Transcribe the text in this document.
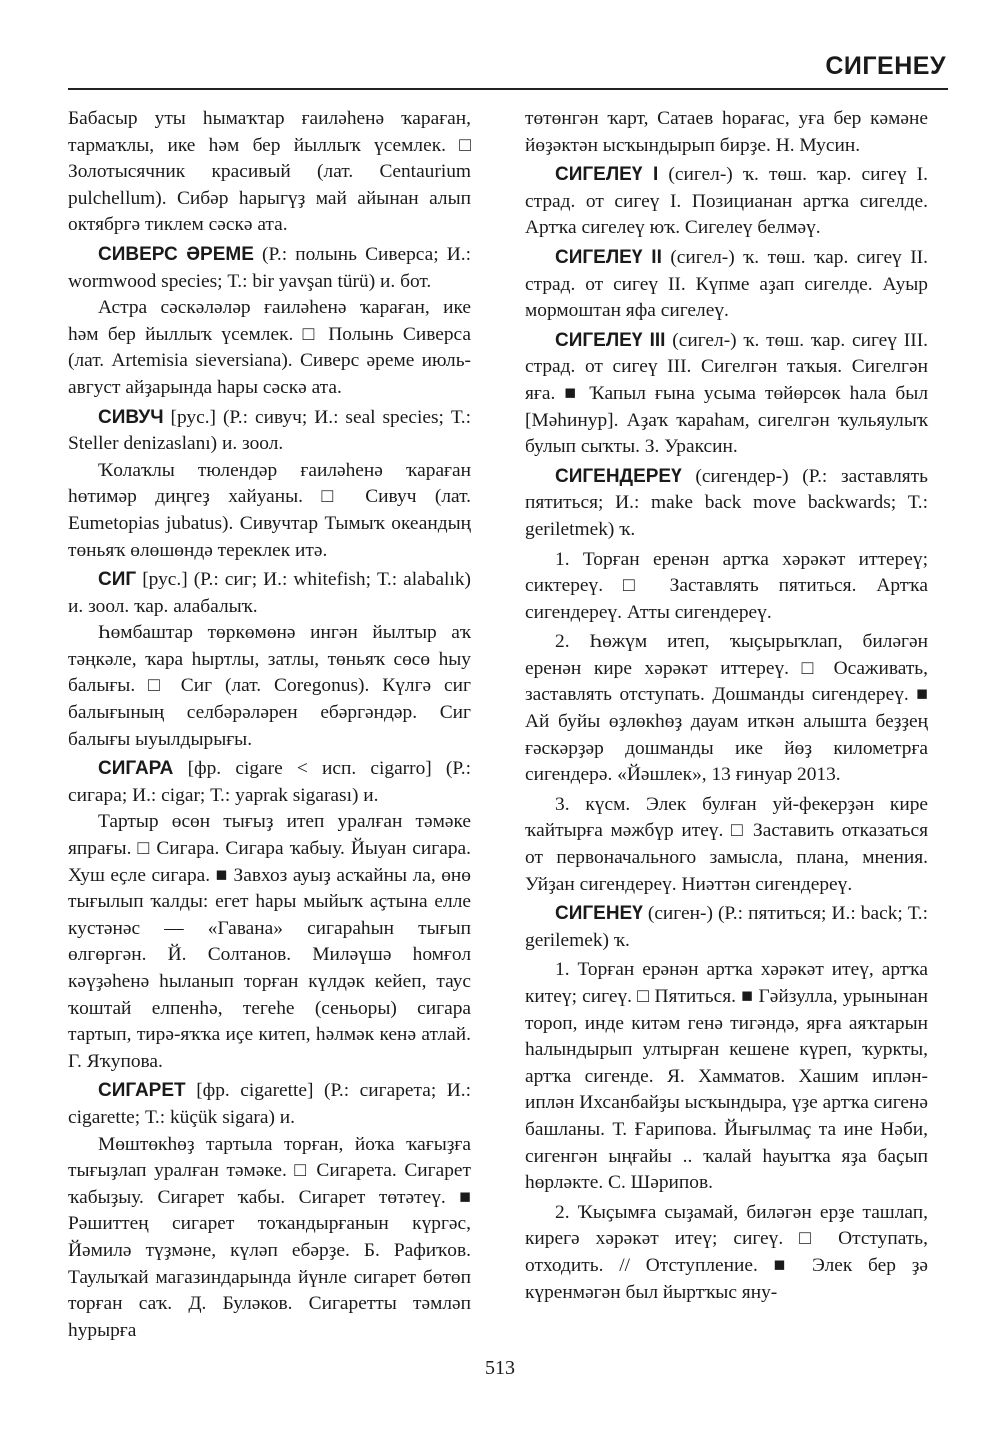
СИГЕНЕУ

Бабасыр уты һымаҡтар ғаиләһенә ҡараған, тармаҡлы, ике һәм бер йыллыҡ үсемлек. □ Золотысячник красивый (лат. Centaurium pulchellum). Сибәр һарыгүҙ май айынан алып октябргә тиклем сәскә ата.

СИВЕРС ӘРЕМЕ (Р.: полынь Сиверса; И.: wormwood species; Т.: bir yavşan türü) и. бот.

Астра сәскәләләр ғаиләһенә ҡараған, ике һәм бер йыллыҡ үсемлек. □ Полынь Сиверса (лат. Artemisia sieversiana). Сиверс әреме июль-август айҙарында һары сәскә ата.

СИВУЧ [рус.] (Р.: сивуч; И.: seal species; Т.: Steller denizaslanı) и. зоол.

Ҡолаҡлы тюлендәр ғаиләһенә ҡараған һөтимәр диңгеҙ хайуаны. □ Сивуч (лат. Eumetopias jubatus). Сивучтар Тымыҡ океандың төньяҡ өлөшөндә тереклек итә.

СИГ [рус.] (Р.: сиг; И.: whitefish; Т.: alabalık) и. зоол. ҡар. алабалыҡ.

Һөмбаштар төркөмөнә ингән йылтыр аҡ тәңкәле, ҡара һыртлы, затлы, төньяҡ сөсө һыу балығы. □ Сиг (лат. Coregonus). Күлгә сиг балығының селбәрәләрен ебәргәндәр. Сиг балығы ыуылдырығы.

СИГАРА [фр. cigare < исп. cigarro] (Р.: сигара; И.: cigar; Т.: yaprak sigarası) и.

Тартыр өсөн тығыҙ итеп уралған тәмәке япрағы. □ Сигара. Сигара ҡабыу. Йыуан сигара. Хуш еҫле сигара. ■ Завхоз ауыҙ асҡайны ла, өнө тығылып ҡалды: егет һары мыйыҡ аҫтына елле кустәнәс — «Гавана» сигараһын тығып өлгөргән. Й. Солтанов. Миләүшә һомғол кәүҙәһенә һыланып торған күлдәк кейеп, таус ҡоштай елпенһә, тегеһе (сеньоры) сигара тартып, тирә-яҡҡа иҫе китеп, һәлмәк кенә атлай. Г. Яҡупова.

СИГАРЕТ [фр. cigarette] (Р.: сигарета; И.: cigarette; Т.: küçük sigara) и.

Мөштөкһөҙ тартыла торған, йоҡа ҡағыҙға тығыҙлап уралған тәмәке. □ Сигарета. Сигарет ҡабыҙыу. Сигарет ҡабы. Сигарет төтәтеү. ■ Рәшиттең сигарет тоҡандырғанын күргәс, Йәмилә түҙмәне, күләп ебәрҙе. Б. Рафиҡов. Таулыҡай магазиндарында йүнле сигарет бөтөп торған саҡ. Д. Буләков. Сигаретты тәмләп һурырға

төтөнгән ҡарт, Сатаев һорағас, уға бер кәмәне йөҙәктән ысҡындырып бирҙе. Н. Мусин.

СИГЕЛЕҮ I (сигел-) ҡ. төш. ҡар. сигеү I. страд. от сигеү I. Позицианан артҡа сигелде. Артҡа сигелеү юҡ. Сигелеү белмәү.

СИГЕЛЕҮ II (сигел-) ҡ. төш. ҡар. сигеү II. страд. от сигеү II. Күпме аҙап сигелде. Ауыр мормоштан яфа сигелеү.

СИГЕЛЕҮ III (сигел-) ҡ. төш. ҡар. сигеү III. страд. от сигеү III. Сигелгән таҡыя. Сигелгән яға. ■ Ҡапыл ғына усыма төйөрсөк һала был [Мәһинур]. Аҙаҡ ҡараһам, сигелгән ҡульяулыҡ булып сыҡты. З. Ураксин.

СИГЕНДЕРЕҮ (сигендер-) (Р.: заставлять пятиться; И.: make back move backwards; Т.: geriletmek) ҡ.

1. Торған еренән артҡа хәрәкәт иттереү; сиктереү. □ Заставлять пятиться. Артҡа сигендереү. Атты сигендереү.

2. Һөжүм итеп, ҡыҫырыҡлап, биләгән еренән кире хәрәкәт иттереү. □ Осаживать, заставлять отступать. Дошманды сигендереү. ■ Ай буйы өҙлөкһөҙ дауам иткән алышта беҙҙең ғәскәрҙәр дошманды ике йөҙ километрға сигендерә. «Йәшлек», 13 ғинуар 2013.

3. күсм. Элек булған уй-фекерҙән кире ҡайтырға мәжбүр итеү. □ Заставить отказаться от первоначального замысла, плана, мнения. Уйҙан сигендереү. Ниәттән сигендереү.

СИГЕНЕҮ (сиген-) (Р.: пятиться; И.: back; Т.: gerilemek) ҡ.

1. Торған ерәнән артҡа хәрәкәт итеү, артҡа китеү; сигеү. □ Пятиться. ■ Гәйзулла, урынынан тороп, инде китәм генә тигәндә, ярға аяҡтарын һалындырып ултырған кешене күреп, ҡуркты, артҡа сигенде. Я. Хамматов. Хашим иплән-иплән Ихсанбайҙы ысҡындыра, үҙе артҡа сигенә башланы. Т. Ғарипова. Йығылмаҫ та ине Нәби, сигенгән ыңғайы .. ҡалай һауытҡа яҙа баҫып һөрләкте. С. Шәрипов.

2. Ҡыҫымға сыҙамай, биләгән ерҙе ташлап, кирегә хәрәкәт итеү; сигеү. □ Отступать, отходить. // Отступление. ■ Элек бер ҙә күренмәгән был йыртҡыс яну-

513
